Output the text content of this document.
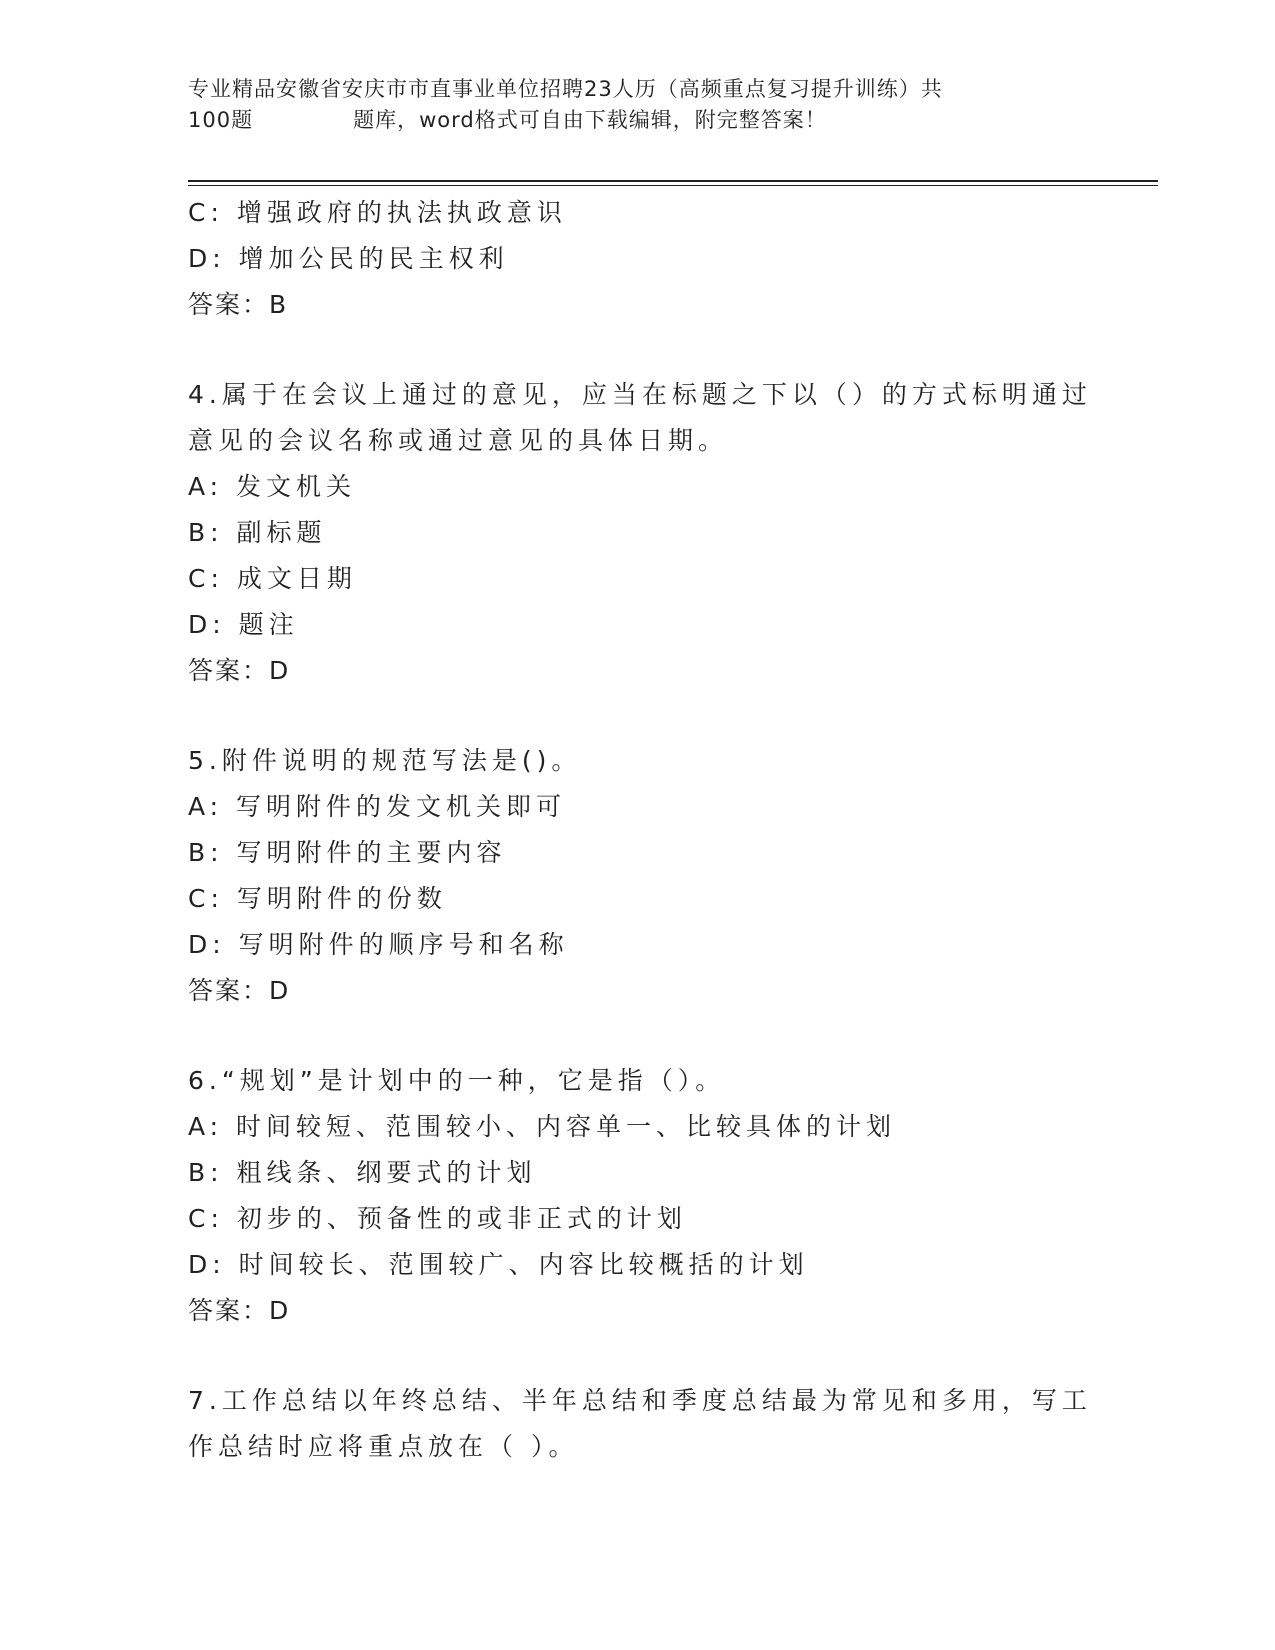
专业精品安徽省安庆市市直事业单位招聘23人历（高频重点复习提升训练）共
100题	题库，word格式可自由下载编辑，附完整答案！
C: 增强政府的执法执政意识
D: 增加公民的民主权利
答案：B
4.属于在会议上通过的意见，应当在标题之下以（）的方式标明通过
意见的会议名称或通过意见的具体日期。
A: 发文机关
B: 副标题
C: 成文日期
D: 题注
答案：D
5.附件说明的规范写法是()。
A: 写明附件的发文机关即可
B: 写明附件的主要内容
C: 写明附件的份数
D: 写明附件的顺序号和名称
答案：D
6.“规划”是计划中的一种，它是指（）。
A: 时间较短、范围较小、内容单一、比较具体的计划
B: 粗线条、纲要式的计划
C: 初步的、预备性的或非正式的计划
D: 时间较长、范围较广、内容比较概括的计划
答案：D
7.工作总结以年终总结、半年总结和季度总结最为常见和多用，写工
作总结时应将重点放在（ ）。
